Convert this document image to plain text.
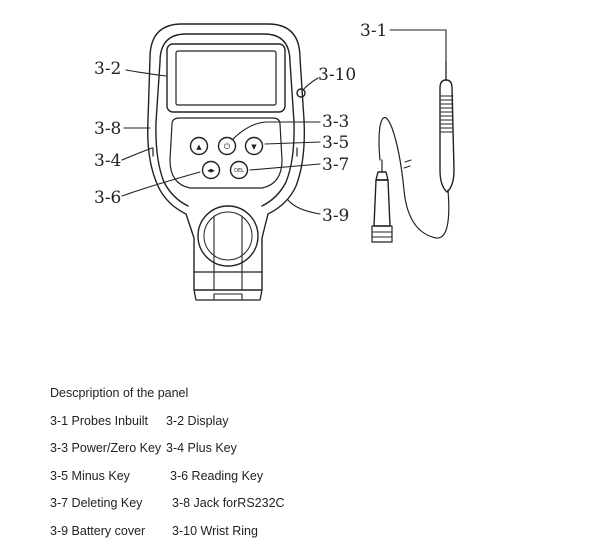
▲	⏻	▼
◀▶	DEL
3-1
3-2	3-10
3-3
3-8
3-5
3-4	3-7
3-6
3-9
Descpription of the panel
3-1 Probes Inbuilt 3-2 Display
3-3 Power/Zero Key 3-4 Plus Key
3-5 Minus Key	3-6 Reading Key
3-7 Deleting Key 3-8 Jack forRS232C
3-9 Battery cover 3-10 Wrist Ring
